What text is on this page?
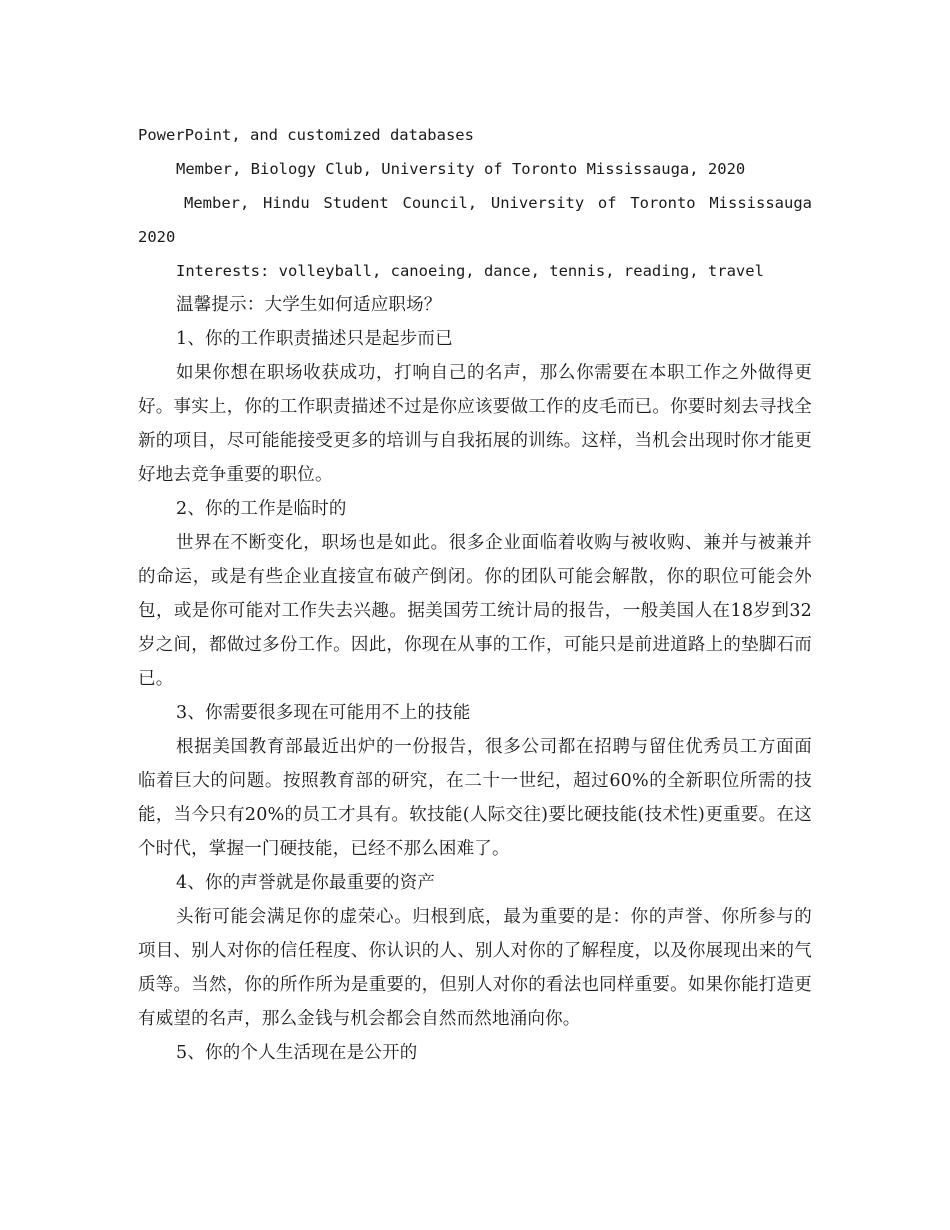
PowerPoint, and customized databases
Member, Biology Club, University of Toronto Mississauga, 2020
Member, Hindu Student Council, University of Toronto Mississauga
2020
Interests: volleyball, canoeing, dance, tennis, reading, travel
温馨提示：大学生如何适应职场？
1、你的工作职责描述只是起步而已
如果你想在职场收获成功，打响自己的名声，那么你需要在本职工作之外做得更好。事实上，你的工作职责描述不过是你应该要做工作的皮毛而已。你要时刻去寻找全新的项目，尽可能能接受更多的培训与自我拓展的训练。这样，当机会出现时你才能更好地去竞争重要的职位。
2、你的工作是临时的
世界在不断变化，职场也是如此。很多企业面临着收购与被收购、兼并与被兼并的命运，或是有些企业直接宣布破产倒闭。你的团队可能会解散，你的职位可能会外包，或是你可能对工作失去兴趣。据美国劳工统计局的报告，一般美国人在18岁到32岁之间，都做过多份工作。因此，你现在从事的工作，可能只是前进道路上的垫脚石而已。
3、你需要很多现在可能用不上的技能
根据美国教育部最近出炉的一份报告，很多公司都在招聘与留住优秀员工方面面临着巨大的问题。按照教育部的研究，在二十一世纪，超过60%的全新职位所需的技能，当今只有20%的员工才具有。软技能(人际交往)要比硬技能(技术性)更重要。在这个时代，掌握一门硬技能，已经不那么困难了。
4、你的声誉就是你最重要的资产
头衔可能会满足你的虚荣心。归根到底，最为重要的是：你的声誉、你所参与的项目、别人对你的信任程度、你认识的人、别人对你的了解程度，以及你展现出来的气质等。当然，你的所作所为是重要的，但别人对你的看法也同样重要。如果你能打造更有威望的名声，那么金钱与机会都会自然而然地涌向你。
5、你的个人生活现在是公开的
